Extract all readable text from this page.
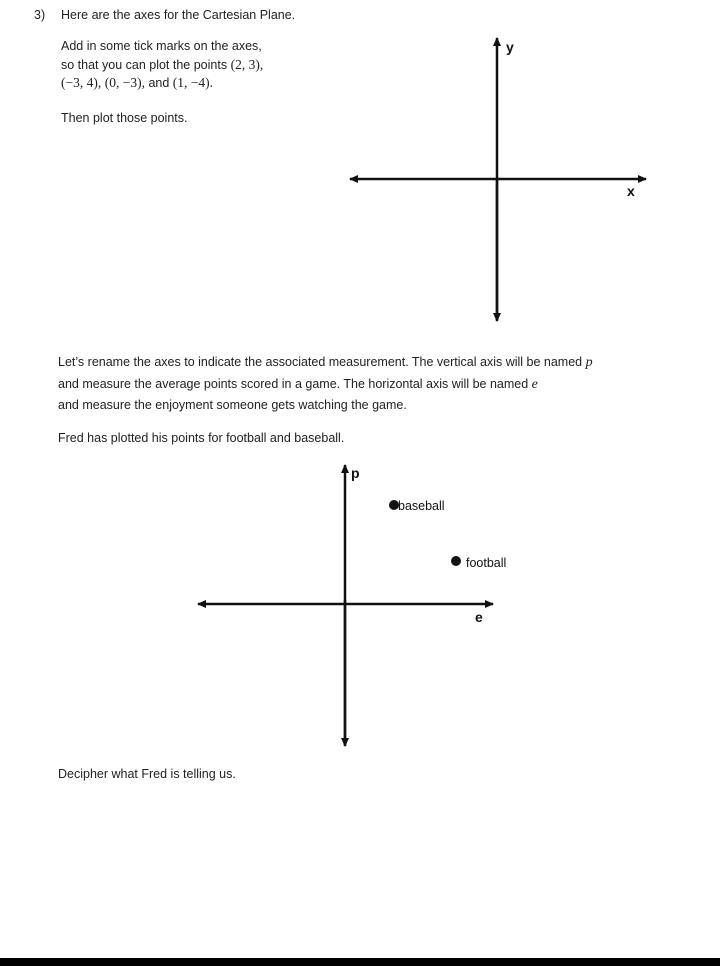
3) Here are the axes for the Cartesian Plane.
Add in some tick marks on the axes,
so that you can plot the points (2, 3),
(−3, 4), (0, −3), and (1, −4).
Then plot those points.
y
x
p
e
baseball
football
Let’s rename the axes to indicate the associated measurement. The vertical axis will be named p
and measure the average points scored in a game. The horizontal axis will be named e
and measure the enjoyment someone gets watching the game.
Fred has plotted his points for football and baseball.
Decipher what Fred is telling us.
